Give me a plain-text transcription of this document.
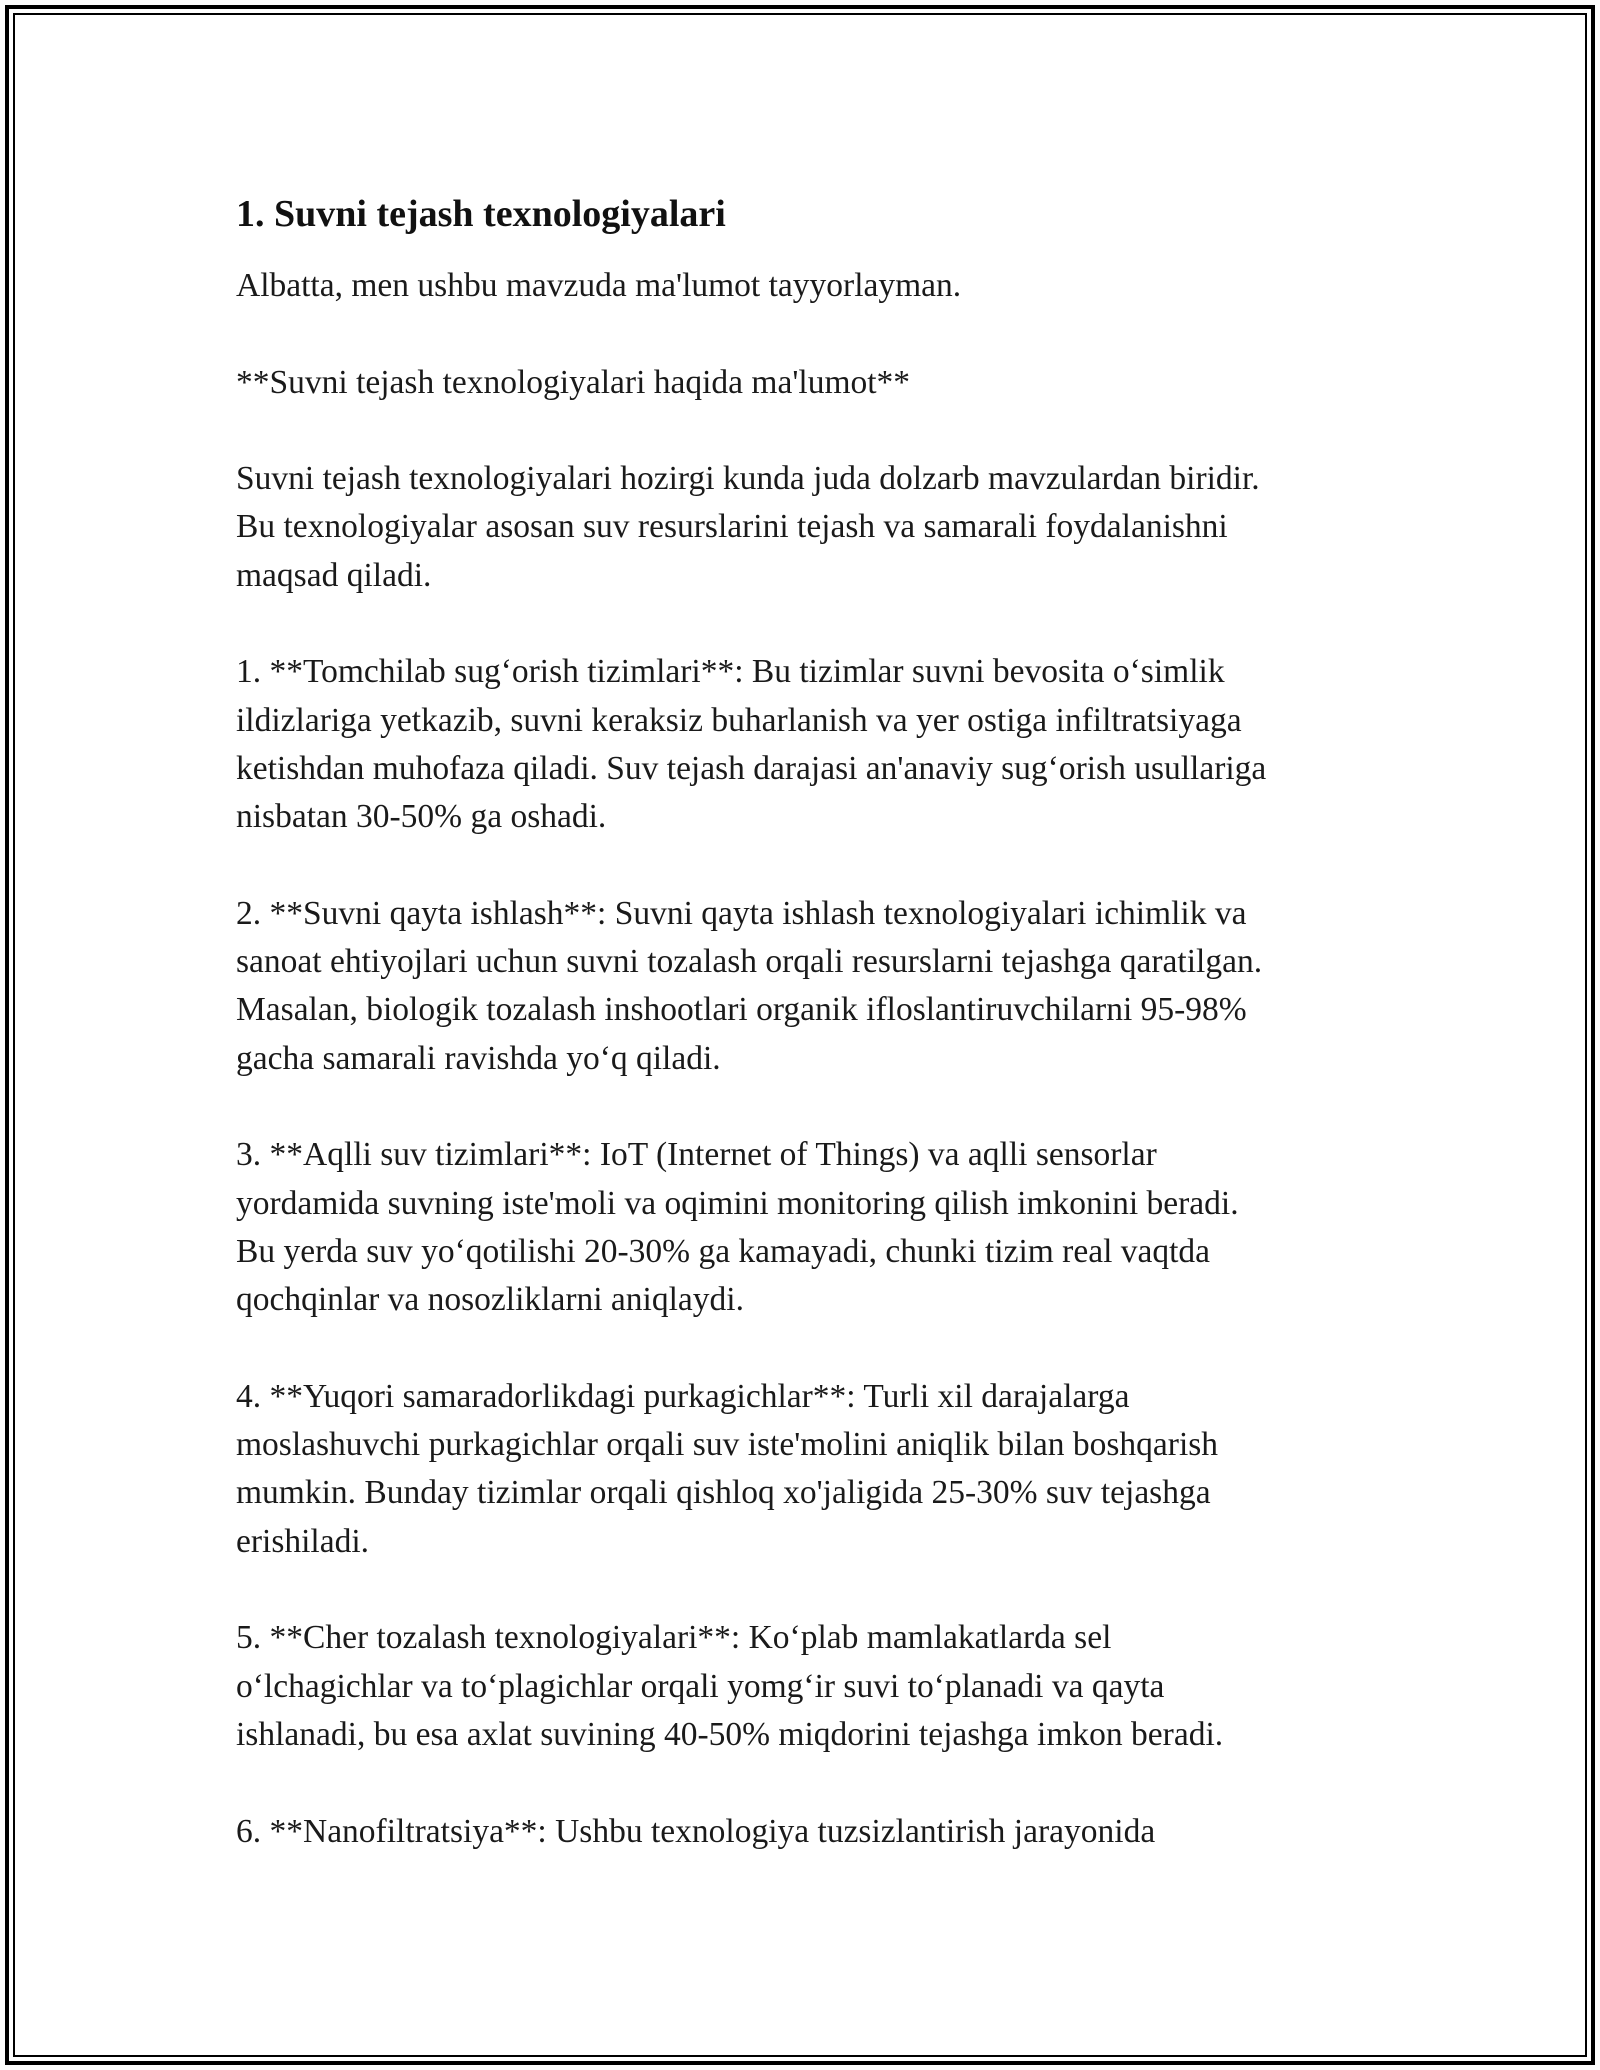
1. Suvni tejash texnologiyalari

Albatta, men ushbu mavzuda ma'lumot tayyorlayman.

**Suvni tejash texnologiyalari haqida ma'lumot**

Suvni tejash texnologiyalari hozirgi kunda juda dolzarb mavzulardan biridir.
Bu texnologiyalar asosan suv resurslarini tejash va samarali foydalanishni
maqsad qiladi.

1. **Tomchilab sug‘orish tizimlari**: Bu tizimlar suvni bevosita o‘simlik
ildizlariga yetkazib, suvni keraksiz buharlanish va yer ostiga infiltratsiyaga
ketishdan muhofaza qiladi. Suv tejash darajasi an'anaviy sug‘orish usullariga
nisbatan 30-50% ga oshadi.

2. **Suvni qayta ishlash**: Suvni qayta ishlash texnologiyalari ichimlik va
sanoat ehtiyojlari uchun suvni tozalash orqali resurslarni tejashga qaratilgan.
Masalan, biologik tozalash inshootlari organik ifloslantiruvchilarni 95-98%
gacha samarali ravishda yo‘q qiladi.

3. **Aqlli suv tizimlari**: IoT (Internet of Things) va aqlli sensorlar
yordamida suvning iste'moli va oqimini monitoring qilish imkonini beradi.
Bu yerda suv yo‘qotilishi 20-30% ga kamayadi, chunki tizim real vaqtda
qochqinlar va nosozliklarni aniqlaydi.

4. **Yuqori samaradorlikdagi purkagichlar**: Turli xil darajalarga
moslashuvchi purkagichlar orqali suv iste'molini aniqlik bilan boshqarish
mumkin. Bunday tizimlar orqali qishloq xo'jaligida 25-30% suv tejashga
erishiladi.

5. **Cher tozalash texnologiyalari**: Ko‘plab mamlakatlarda sel
o‘lchagichlar va to‘plagichlar orqali yomg‘ir suvi to‘planadi va qayta
ishlanadi, bu esa axlat suvining 40-50% miqdorini tejashga imkon beradi.

6. **Nanofiltratsiya**: Ushbu texnologiya tuzsizlantirish jarayonida
